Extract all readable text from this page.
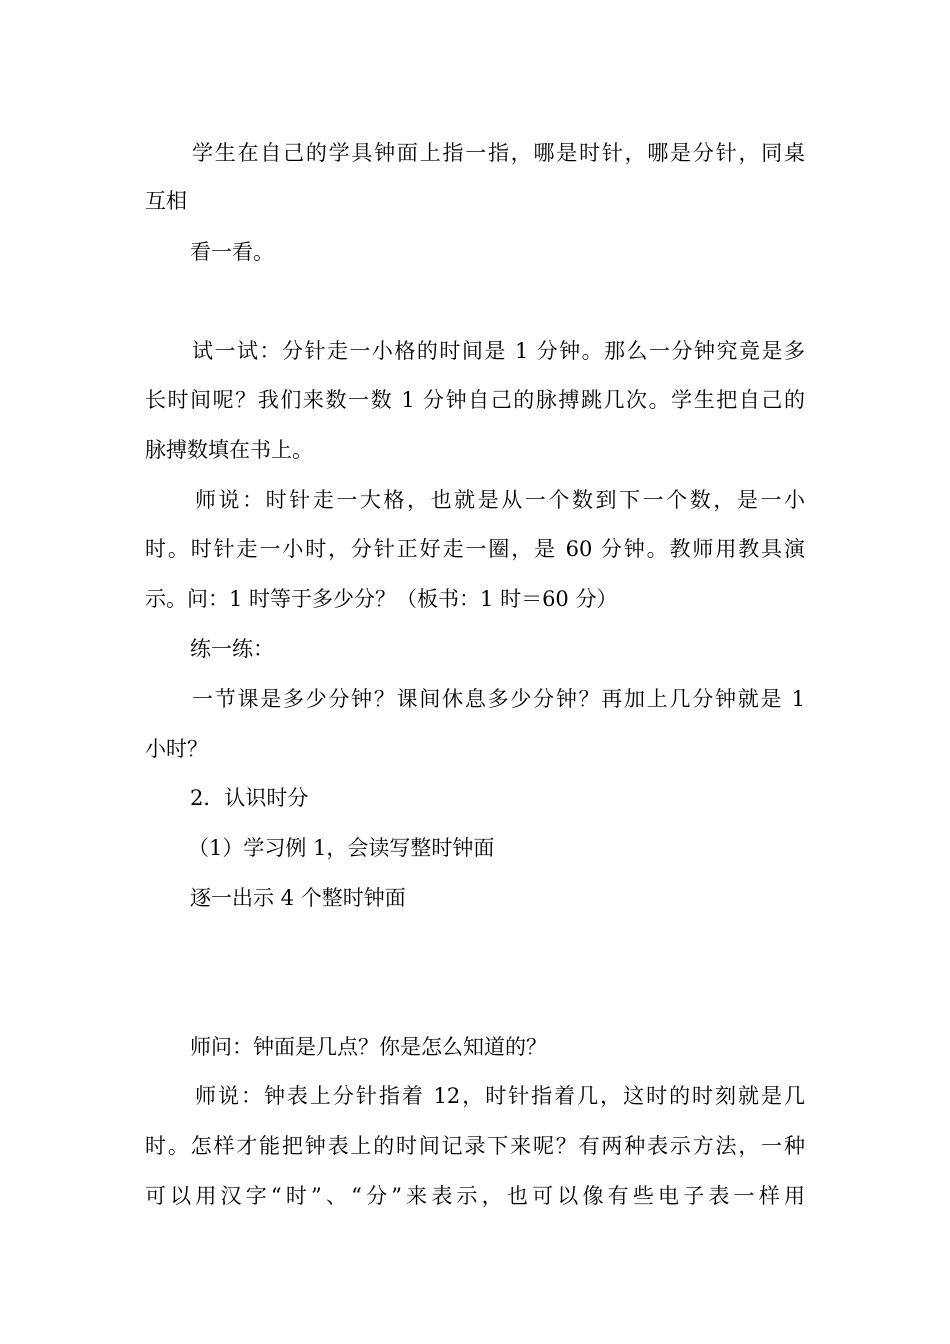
学生在自己的学具钟面上指一指，哪是时针，哪是分针，同桌
互相
看一看。
试一试：分针走一小格的时间是 1 分钟。那么一分钟究竟是多
长时间呢？我们来数一数 1 分钟自己的脉搏跳几次。学生把自己的
脉搏数填在书上。
师说：时针走一大格，也就是从一个数到下一个数，是一小
时。时针走一小时，分针正好走一圈，是 60 分钟。教师用教具演
示。问：1 时等于多少分？（板书：1 时＝60 分）
练一练：
一节课是多少分钟？课间休息多少分钟？再加上几分钟就是 1
小时？
2．认识时分
（1）学习例 1，会读写整时钟面
逐一出示 4 个整时钟面
师问：钟面是几点？你是怎么知道的？
师说：钟表上分针指着 12，时针指着几，这时的时刻就是几
时。怎样才能把钟表上的时间记录下来呢？有两种表示方法，一种
可以用汉字“时”、“分”来表示，也可以像有些电子表一样用
